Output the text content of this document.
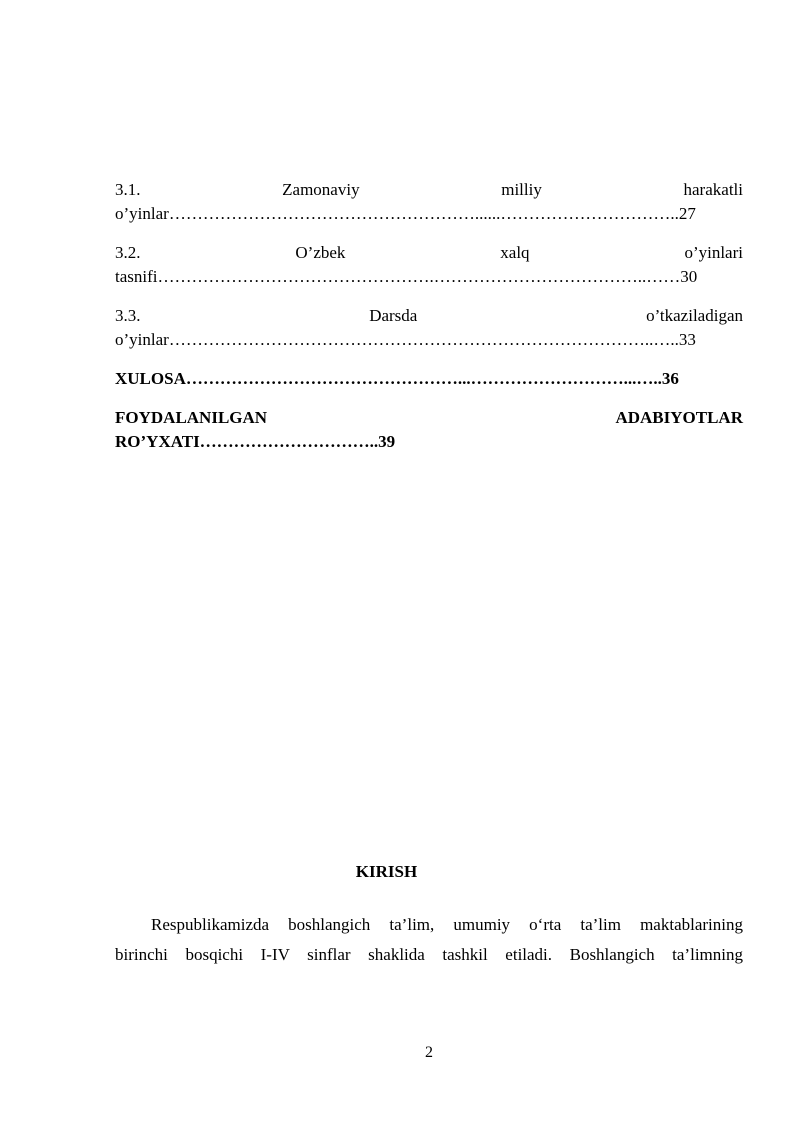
3.1.	Zamonaviy	milliy	harakatli
o’yinlar………………………………………………......…………………………..27
3.2.	O’zbek	xalq	o’yinlari
tasnifi………………………………………….………………………………..……30
3.3.	Darsda	o’tkaziladigan
o’yinlar…………………………………………………………………………..…..33
XULOSA…………………………………………...………………………...…..36
FOYDALANILGAN	ADABIYOTLAR
RO’YXATI…………………………..39
KIRISH

Respublikamizda boshlangich ta’lim, umumiy o‘rta ta’lim maktablarining

birinchi bosqichi I-IV sinflar shaklida tashkil etiladi. Boshlangich ta’limning

2
